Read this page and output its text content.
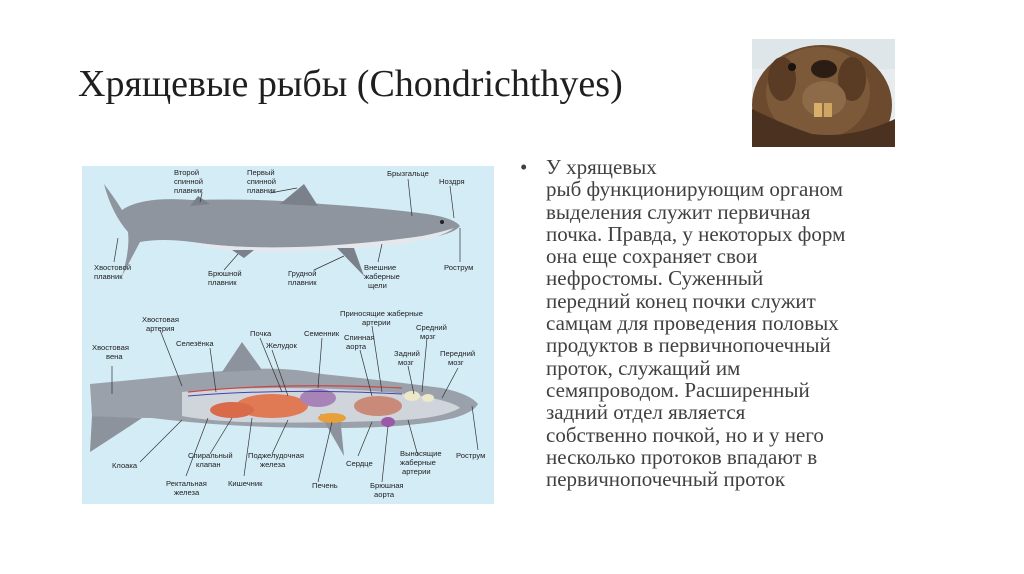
Хрящевые рыбы (Chondrichthyes)
Второй спинной плавник
Первый спинной плавник
Брызгальце
Ноздря
Хвостовой плавник	Брюшной плавник
Грудной плавник
Внешние жаберные щели
Рострум
Хвостовая артерия
Хвостовая вена
Селезёнка
Почка
Желудок
Семенник
Приносящие жаберные артерии
Спинная аорта
Средний мозг
Задний мозг
Передний мозг
Клоака
Спиральный клапан
Поджелудочная железа	Сердце
Выносящие жаберные артерии
Рострум
Ректальная железа
Кишечник	Печень	Брюшная аорта
• У хрящевых
рыб функционирующим органом
выделения служит первичная
почка. Правда, у некоторых форм
она еще сохраняет свои
нефростомы. Суженный
передний конец почки служит
самцам для проведения половых
продуктов в первичнопочечный
проток, служащий им
семяпроводом. Расширенный
задний отдел является
собственно почкой, но и у него
несколько протоков впадают в
первичнопочечный проток
